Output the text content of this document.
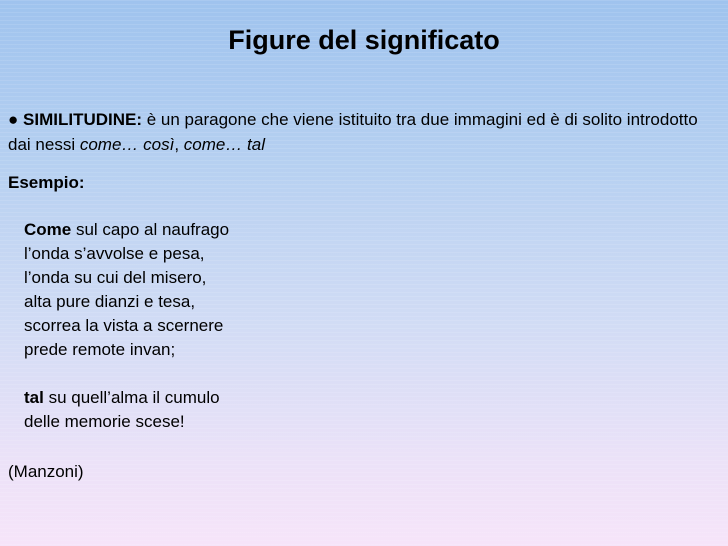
Figure del significato
● SIMILITUDINE: è un paragone che viene istituito tra due immagini ed è di solito introdotto dai nessi come… così, come… tal
Esempio:
Come sul capo al naufrago
l’onda s’avvolse e pesa,
l’onda su cui del misero,
alta pure dianzi e tesa,
scorrea la vista a scernere
prede remote invan;
tal su quell’alma il cumulo
delle memorie scese!
(Manzoni)
